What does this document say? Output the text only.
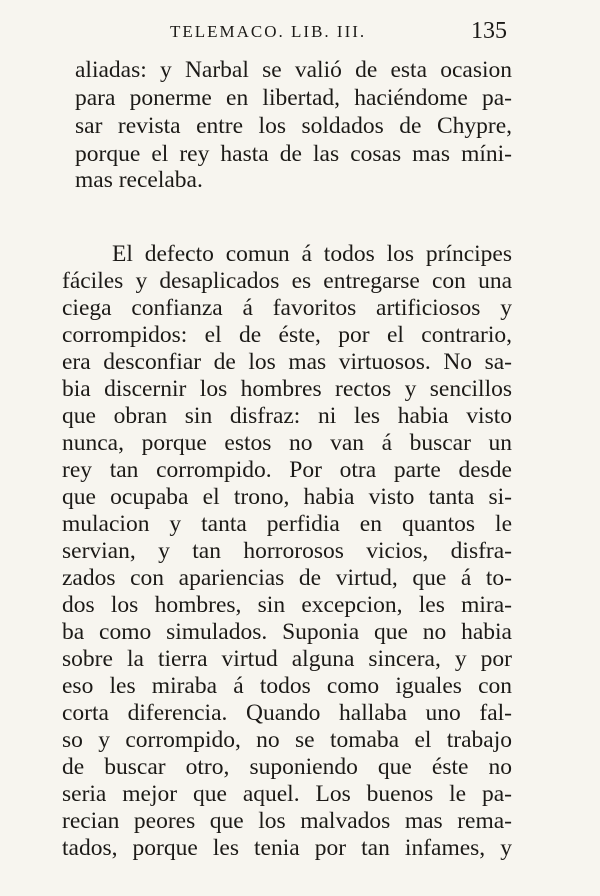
TELEMACO. LIB. III.	135
aliadas: y Narbal se valió de esta ocasion
para ponerme en libertad, haciéndome pa-
sar revista entre los soldados de Chypre,
porque el rey hasta de las cosas mas míni-
mas recelaba.
El defecto comun á todos los príncipes
fáciles y desaplicados es entregarse con una
ciega confianza á favoritos artificiosos y
corrompidos: el de éste, por el contrario,
era desconfiar de los mas virtuosos. No sa-
bia discernir los hombres rectos y sencillos
que obran sin disfraz: ni les habia visto
nunca, porque estos no van á buscar un
rey tan corrompido. Por otra parte desde
que ocupaba el trono, habia visto tanta si-
mulacion y tanta perfidia en quantos le
servian, y tan horrorosos vicios, disfra-
zados con apariencias de virtud, que á to-
dos los hombres, sin excepcion, les mira-
ba como simulados. Suponia que no habia
sobre la tierra virtud alguna sincera, y por
eso les miraba á todos como iguales con
corta diferencia. Quando hallaba uno fal-
so y corrompido, no se tomaba el trabajo
de buscar otro, suponiendo que éste no
seria mejor que aquel. Los buenos le pa-
recian peores que los malvados mas rema-
tados, porque les tenia por tan infames, y
